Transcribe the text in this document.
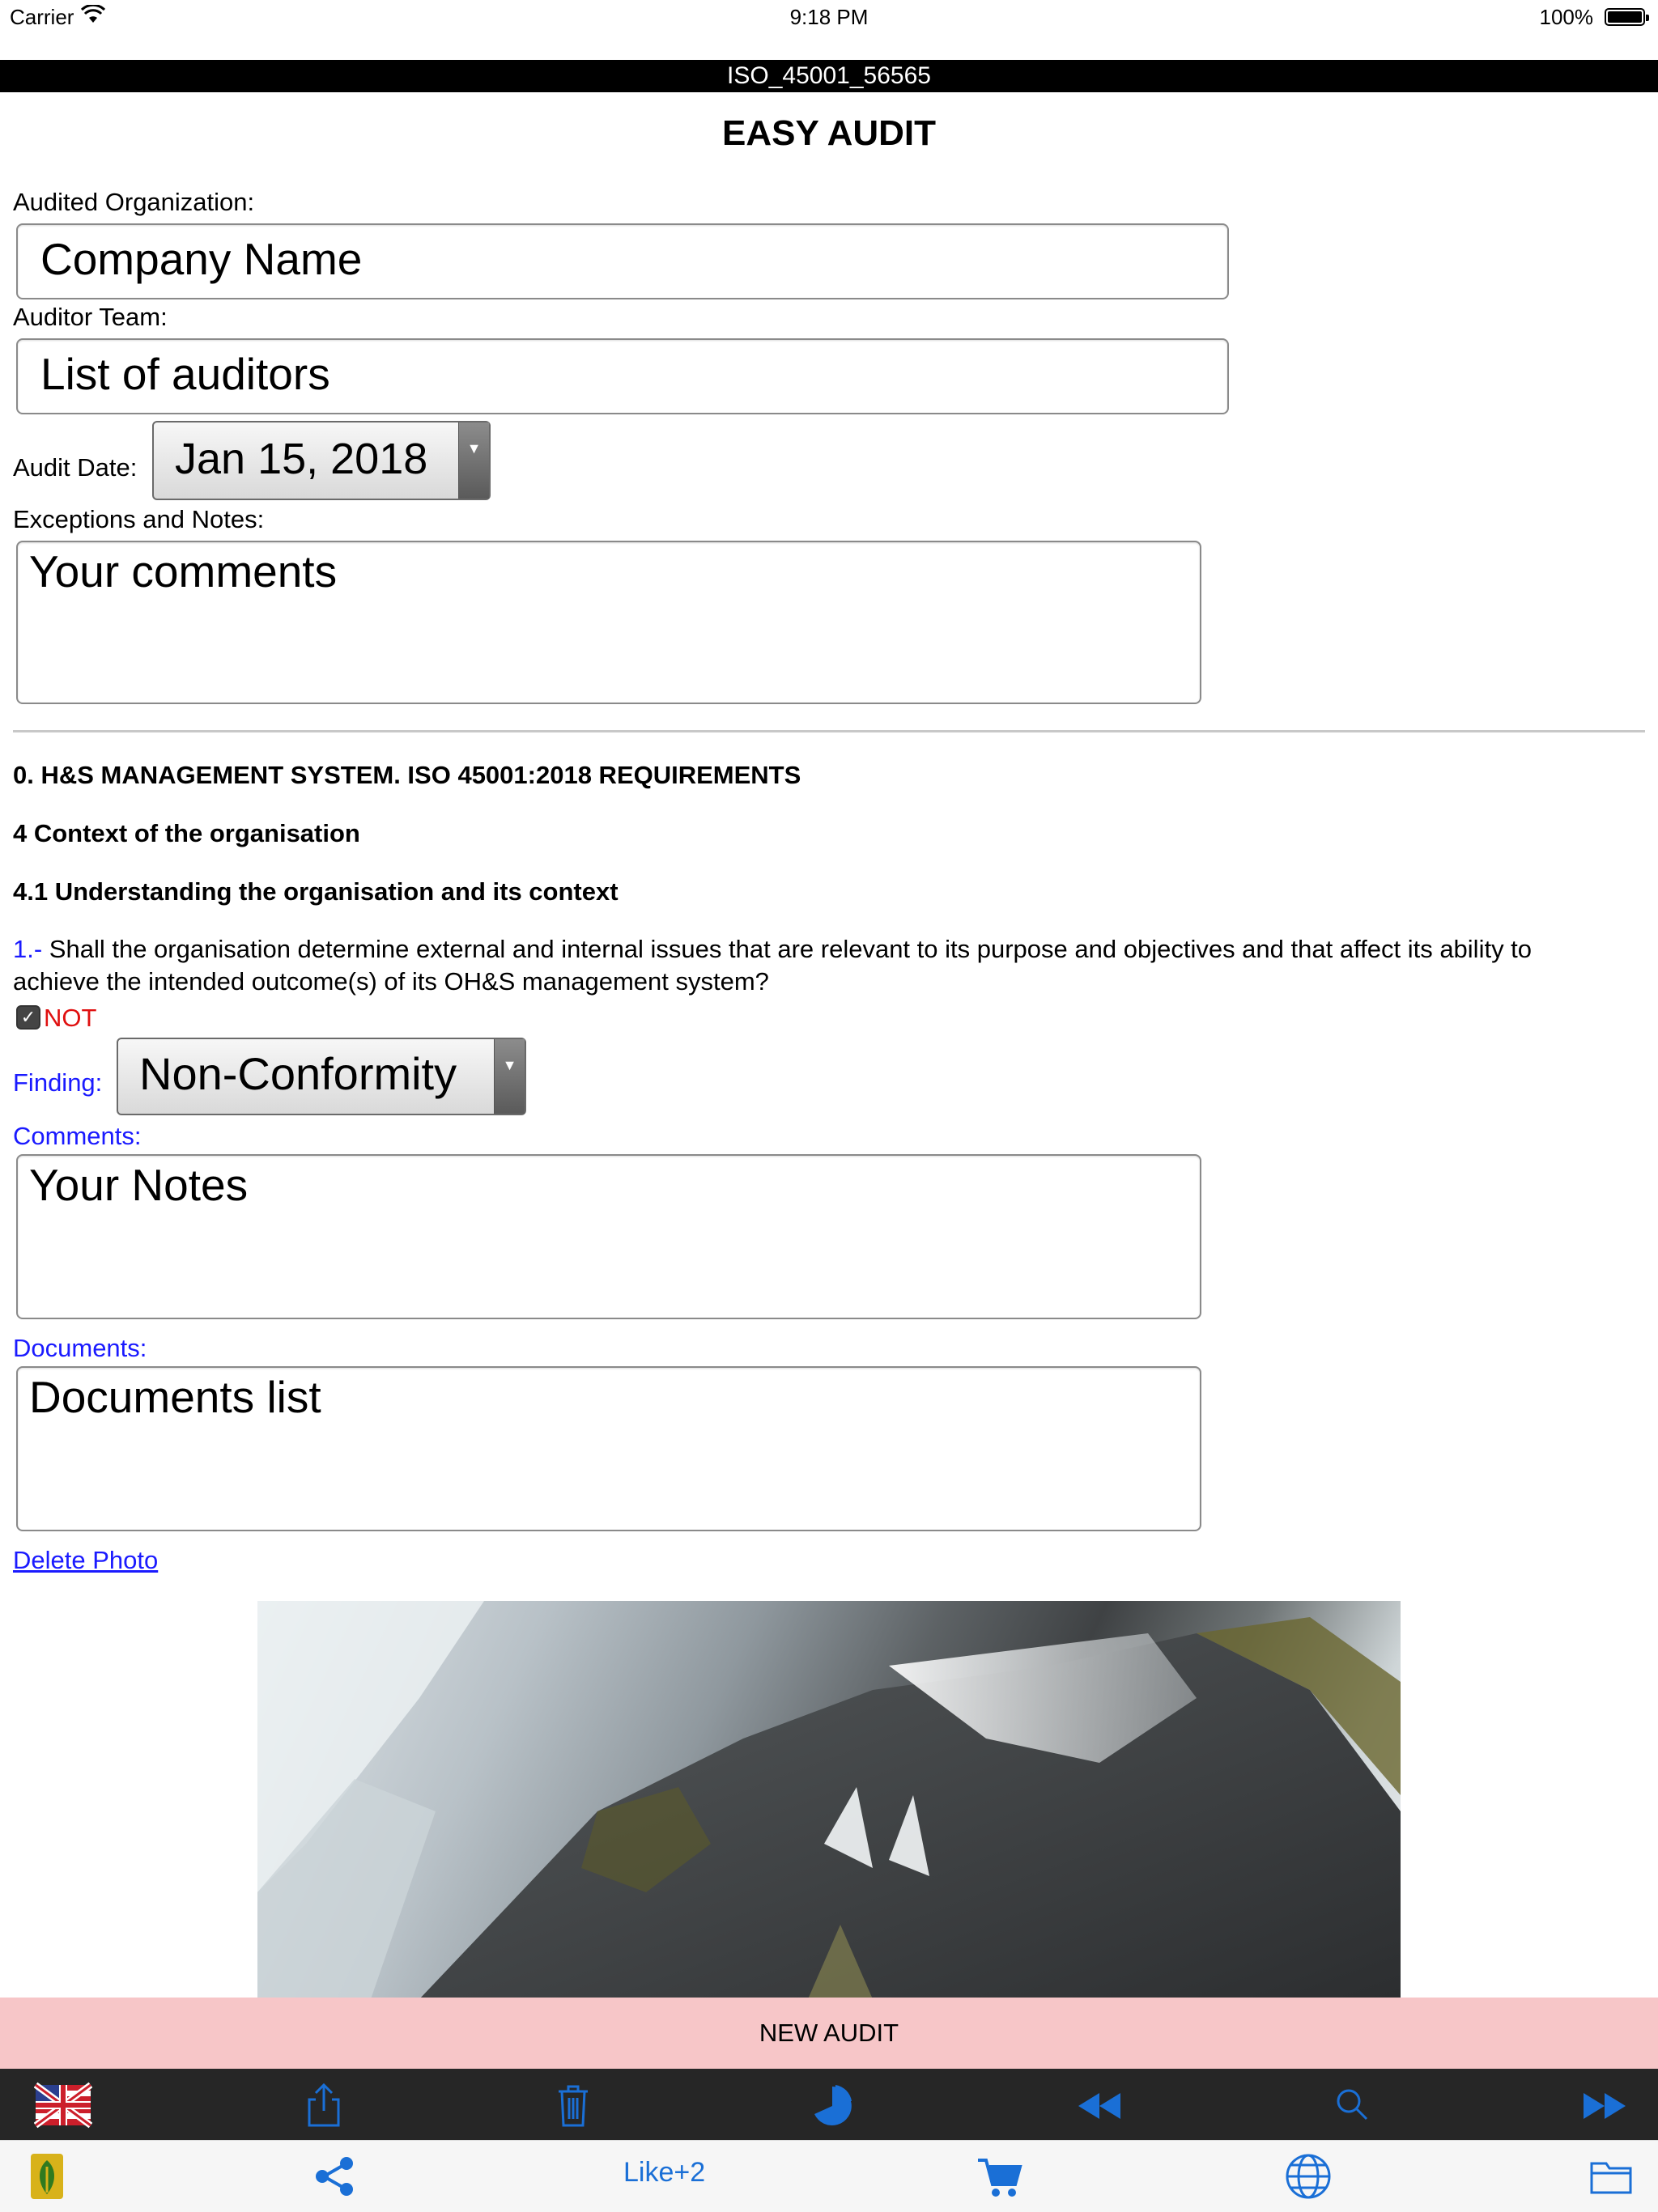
Carrier	9:18 PM	100%
ISO_45001_56565
EASY AUDIT
Audited Organization:
Company Name
Auditor Team:
List of auditors
Audit Date: Jan 15, 2018	▼
Exceptions and Notes:
Your comments
0. H&S MANAGEMENT SYSTEM. ISO 45001:2018 REQUIREMENTS
4 Context of the organisation
4.1 Understanding the organisation and its context
1.- Shall the organisation determine external and internal issues that are relevant to its purpose and objectives and that affect its ability to
achieve the intended outcome(s) of its OH&S management system?
✓ NOT
Finding: Non-Conformity	▼
Comments:
Your Notes
Documents:
Documents list
Delete Photo
NEW AUDIT
Like+2
